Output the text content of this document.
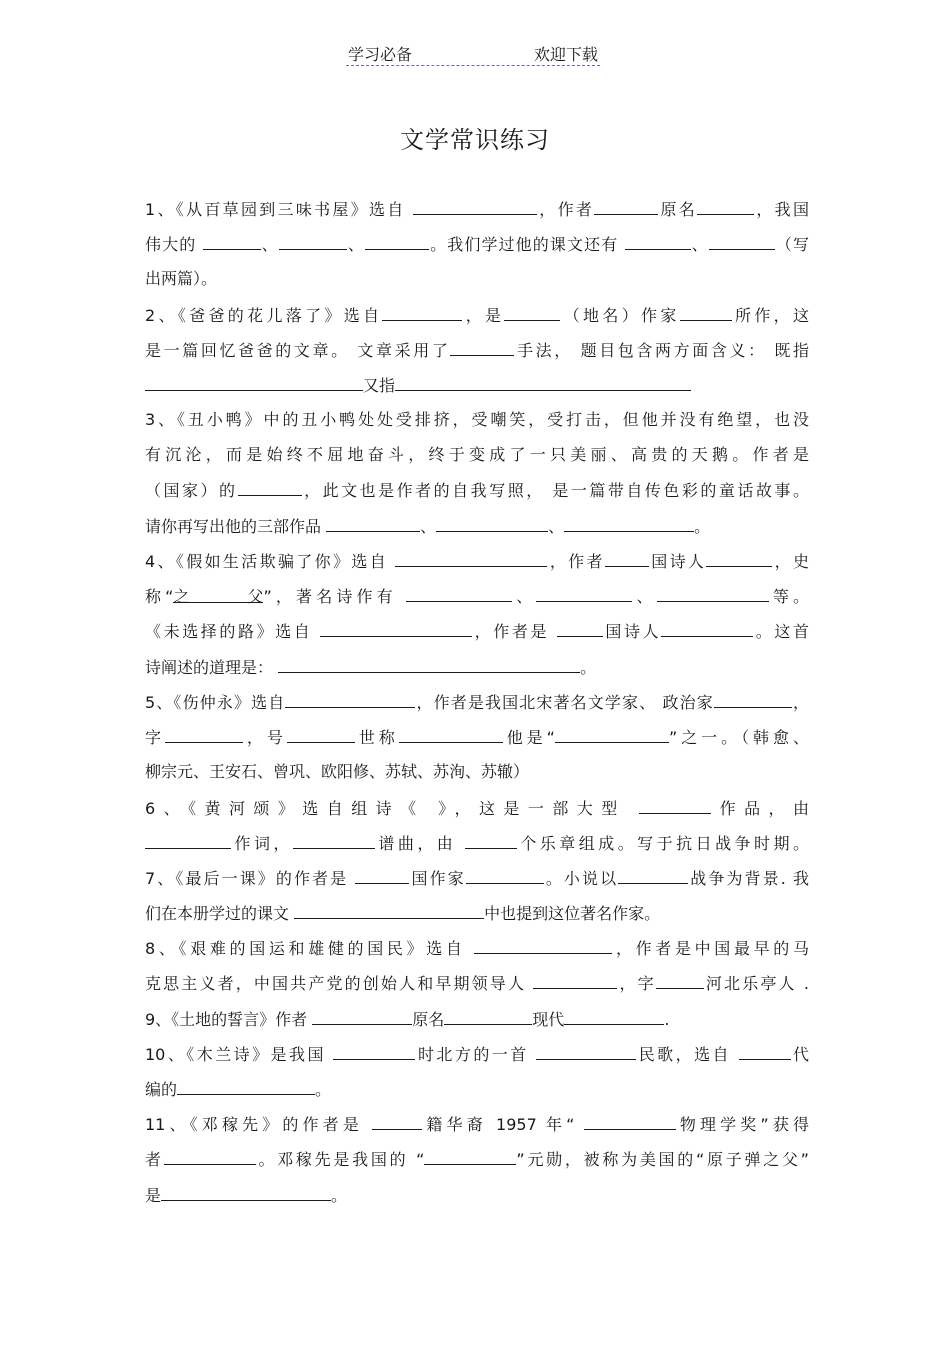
学习必备	欢迎下载
文学常识练习
1、《从百草园到三味书屋》选自	，作者	原名	，我国
伟大的	、	、	。我们学过他的课文还有	、	（写
出两篇）。
2、《爸爸的花儿落了》选自	，是	（地名）作家	所作，这
是一篇回忆爸爸的文章。 文章采用了	手法， 题目包含两方面含义： 既指
又指
3、《丑小鸭》中的丑小鸭处处受排挤，受嘲笑，受打击，但他并没有绝望，也没
有沉沦，而是始终不屈地奋斗，终于变成了一只美丽、高贵的天鹅。作者是
（国家）的	，此文也是作者的自我写照， 是一篇带自传色彩的童话故事。
请你再写出他的三部作品	、	、	。
4、《假如生活欺骗了你》选自	，作者	国诗人	，史
称“之父”，著名诗作有	、	、	等。
《未选择的路》选自	，作者是	国诗人	。这首
诗阐述的道理是：	。
5、《伤仲永》选自	，作者是我国北宋著名文学家、 政治家	，
字	，号	世称	他是“	”之一。（韩愈、
柳宗元、王安石、曾巩、欧阳修、苏轼、苏洵、苏辙）
6、《黄河颂》选自组诗《 》，这是一部大型	作品，由
作词，	谱曲，由	个乐章组成。写于抗日战争时期。
7、《最后一课》的作者是	国作家	。小说以	战争为背景. 我
们在本册学过的课文	中也提到这位著名作家。
8、《艰难的国运和雄健的国民》选自	，作者是中国最早的马
克思主义者，中国共产党的创始人和早期领导人	，字	河北乐亭人 .
9、《土地的誓言》作者	原名	现代	.
10、《木兰诗》是我国	时北方的一首	民歌，选自	代
编的	。
11、《邓稼先》的作者是	籍华裔 1957 年“	物理学奖”获得
者	。邓稼先是我国的 “	”元勋，被称为美国的“原子弹之父”
是	。
